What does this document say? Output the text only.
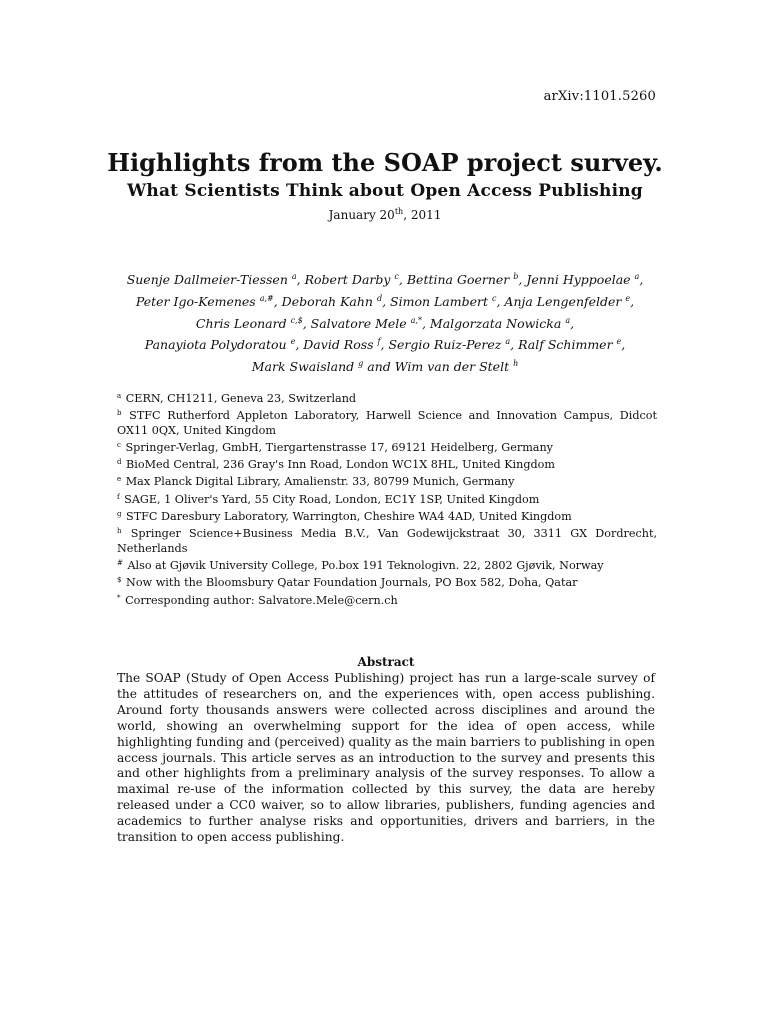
arXiv:1101.5260
Highlights from the SOAP project survey.
What Scientists Think about Open Access Publishing
January 20th, 2011
Suenje Dallmeier-Tiessen $^a$, Robert Darby $^c$, Bettina Goerner $^b$, Jenni Hyppoelae $^a$,
Peter Igo-Kemenes $^{a,\#}$, Deborah Kahn $^d$, Simon Lambert $^c$, Anja Lengenfelder $^e$,
Chris Leonard $^{c,\$}$, Salvatore Mele $^{a,*}$, Malgorzata Nowicka $^a$,
Panayiota Polydoratou $^e$, David Ross $^f$, Sergio Ruiz-Perez $^a$, Ralf Schimmer $^e$,
Mark Swaisland $^g$ and Wim van der Stelt $^h$

$^a$ CERN, CH1211, Geneva 23, Switzerland

$^b$ STFC Rutherford Appleton Laboratory, Harwell Science and Innovation Campus, Didcot OX11 0QX, United Kingdom

$^c$ Springer-Verlag, GmbH, Tiergartenstrasse 17, 69121 Heidelberg, Germany

$^d$ BioMed Central, 236 Gray's Inn Road, London WC1X 8HL, United Kingdom

$^e$ Max Planck Digital Library, Amalienstr. 33, 80799 Munich, Germany

$^f$ SAGE, 1 Oliver's Yard, 55 City Road, London, EC1Y 1SP, United Kingdom

$^g$ STFC Daresbury Laboratory, Warrington, Cheshire WA4 4AD, United Kingdom

$^h$ Springer Science+Business Media B.V., Van Godewijckstraat 30, 3311 GX Dordrecht, Netherlands

# Also at Gjøvik University College, Po.box 191 Teknologivn. 22, 2802 Gjøvik, Norway

$ Now with the Bloomsbury Qatar Foundation Journals, PO Box 582, Doha, Qatar

* Corresponding author: Salvatore.Mele@cern.ch

Abstract

The SOAP (Study of Open Access Publishing) project has run a large-scale survey of the attitudes of researchers on, and the experiences with, open access publishing. Around forty thousands answers were collected across disciplines and around the world, showing an overwhelming support for the idea of open access, while highlighting funding and (perceived) quality as the main barriers to publishing in open access journals. This article serves as an introduction to the survey and presents this and other highlights from a preliminary analysis of the survey responses. To allow a maximal re-use of the information collected by this survey, the data are hereby released under a CC0 waiver, so to allow libraries, publishers, funding agencies and academics to further analyse risks and opportunities, drivers and barriers, in the transition to open access publishing.
